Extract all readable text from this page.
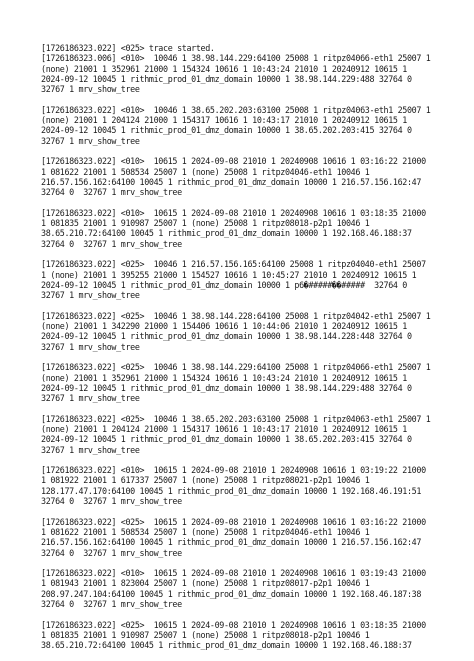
[1726186323.022] <025> trace started.
[1726186323.006] <010>  10046 1 38.98.144.229:64100 25008 1 ritpz04066-eth1 25007 1
(none) 21001 1 352961 21000 1 154324 10616 1 10:43:24 21010 1 20240912 10615 1
2024-09-12 10045 1 rithmic_prod_01_dmz_domain 10000 1 38.98.144.229:488 32764 0
32767 1 mrv_show_tree
[1726186323.022] <010>  10046 1 38.65.202.203:63100 25008 1 ritpz04063-eth1 25007 1
(none) 21001 1 204124 21000 1 154317 10616 1 10:43:17 21010 1 20240912 10615 1
2024-09-12 10045 1 rithmic_prod_01_dmz_domain 10000 1 38.65.202.203:415 32764 0
32767 1 mrv_show_tree
[1726186323.022] <010>  10615 1 2024-09-08 21010 1 20240908 10616 1 03:16:22 21000
1 081622 21001 1 508534 25007 1 (none) 25008 1 ritpz04046-eth1 10046 1
216.57.156.162:64100 10045 1 rithmic_prod_01_dmz_domain 10000 1 216.57.156.162:47
32764 0  32767 1 mrv_show_tree
[1726186323.022] <010>  10615 1 2024-09-08 21010 1 20240908 10616 1 03:18:35 21000
1 081835 21001 1 910987 25007 1 (none) 25008 1 ritpz08018-p2p1 10046 1
38.65.210.72:64100 10045 1 rithmic_prod_01_dmz_domain 10000 1 192.168.46.188:37
32764 0  32767 1 mrv_show_tree
[1726186323.022] <025>  10046 1 216.57.156.165:64100 25008 1 ritpz04040-eth1 25007
1 (none) 21001 1 395255 21000 1 154527 10616 1 10:45:27 21010 1 20240912 10615 1
2024-09-12 10045 1 rithmic_prod_01_dmz_domain 10000 1 p6�#####��#####  32764 0
32767 1 mrv_show_tree
[1726186323.022] <025>  10046 1 38.98.144.228:64100 25008 1 ritpz04042-eth1 25007 1
(none) 21001 1 342290 21000 1 154406 10616 1 10:44:06 21010 1 20240912 10615 1
2024-09-12 10045 1 rithmic_prod_01_dmz_domain 10000 1 38.98.144.228:448 32764 0
32767 1 mrv_show_tree
[1726186323.022] <025>  10046 1 38.98.144.229:64100 25008 1 ritpz04066-eth1 25007 1
(none) 21001 1 352961 21000 1 154324 10616 1 10:43:24 21010 1 20240912 10615 1
2024-09-12 10045 1 rithmic_prod_01_dmz_domain 10000 1 38.98.144.229:488 32764 0
32767 1 mrv_show_tree
[1726186323.022] <025>  10046 1 38.65.202.203:63100 25008 1 ritpz04063-eth1 25007 1
(none) 21001 1 204124 21000 1 154317 10616 1 10:43:17 21010 1 20240912 10615 1
2024-09-12 10045 1 rithmic_prod_01_dmz_domain 10000 1 38.65.202.203:415 32764 0
32767 1 mrv_show_tree
[1726186323.022] <010>  10615 1 2024-09-08 21010 1 20240908 10616 1 03:19:22 21000
1 081922 21001 1 617337 25007 1 (none) 25008 1 ritpz08021-p2p1 10046 1
128.177.47.170:64100 10045 1 rithmic_prod_01_dmz_domain 10000 1 192.168.46.191:51
32764 0  32767 1 mrv_show_tree
[1726186323.022] <025>  10615 1 2024-09-08 21010 1 20240908 10616 1 03:16:22 21000
1 081622 21001 1 508534 25007 1 (none) 25008 1 ritpz04046-eth1 10046 1
216.57.156.162:64100 10045 1 rithmic_prod_01_dmz_domain 10000 1 216.57.156.162:47
32764 0  32767 1 mrv_show_tree
[1726186323.022] <010>  10615 1 2024-09-08 21010 1 20240908 10616 1 03:19:43 21000
1 081943 21001 1 823004 25007 1 (none) 25008 1 ritpz08017-p2p1 10046 1
208.97.247.104:64100 10045 1 rithmic_prod_01_dmz_domain 10000 1 192.168.46.187:38
32764 0  32767 1 mrv_show_tree
[1726186323.022] <025>  10615 1 2024-09-08 21010 1 20240908 10616 1 03:18:35 21000
1 081835 21001 1 910987 25007 1 (none) 25008 1 ritpz08018-p2p1 10046 1
38.65.210.72:64100 10045 1 rithmic_prod_01_dmz_domain 10000 1 192.168.46.188:37
